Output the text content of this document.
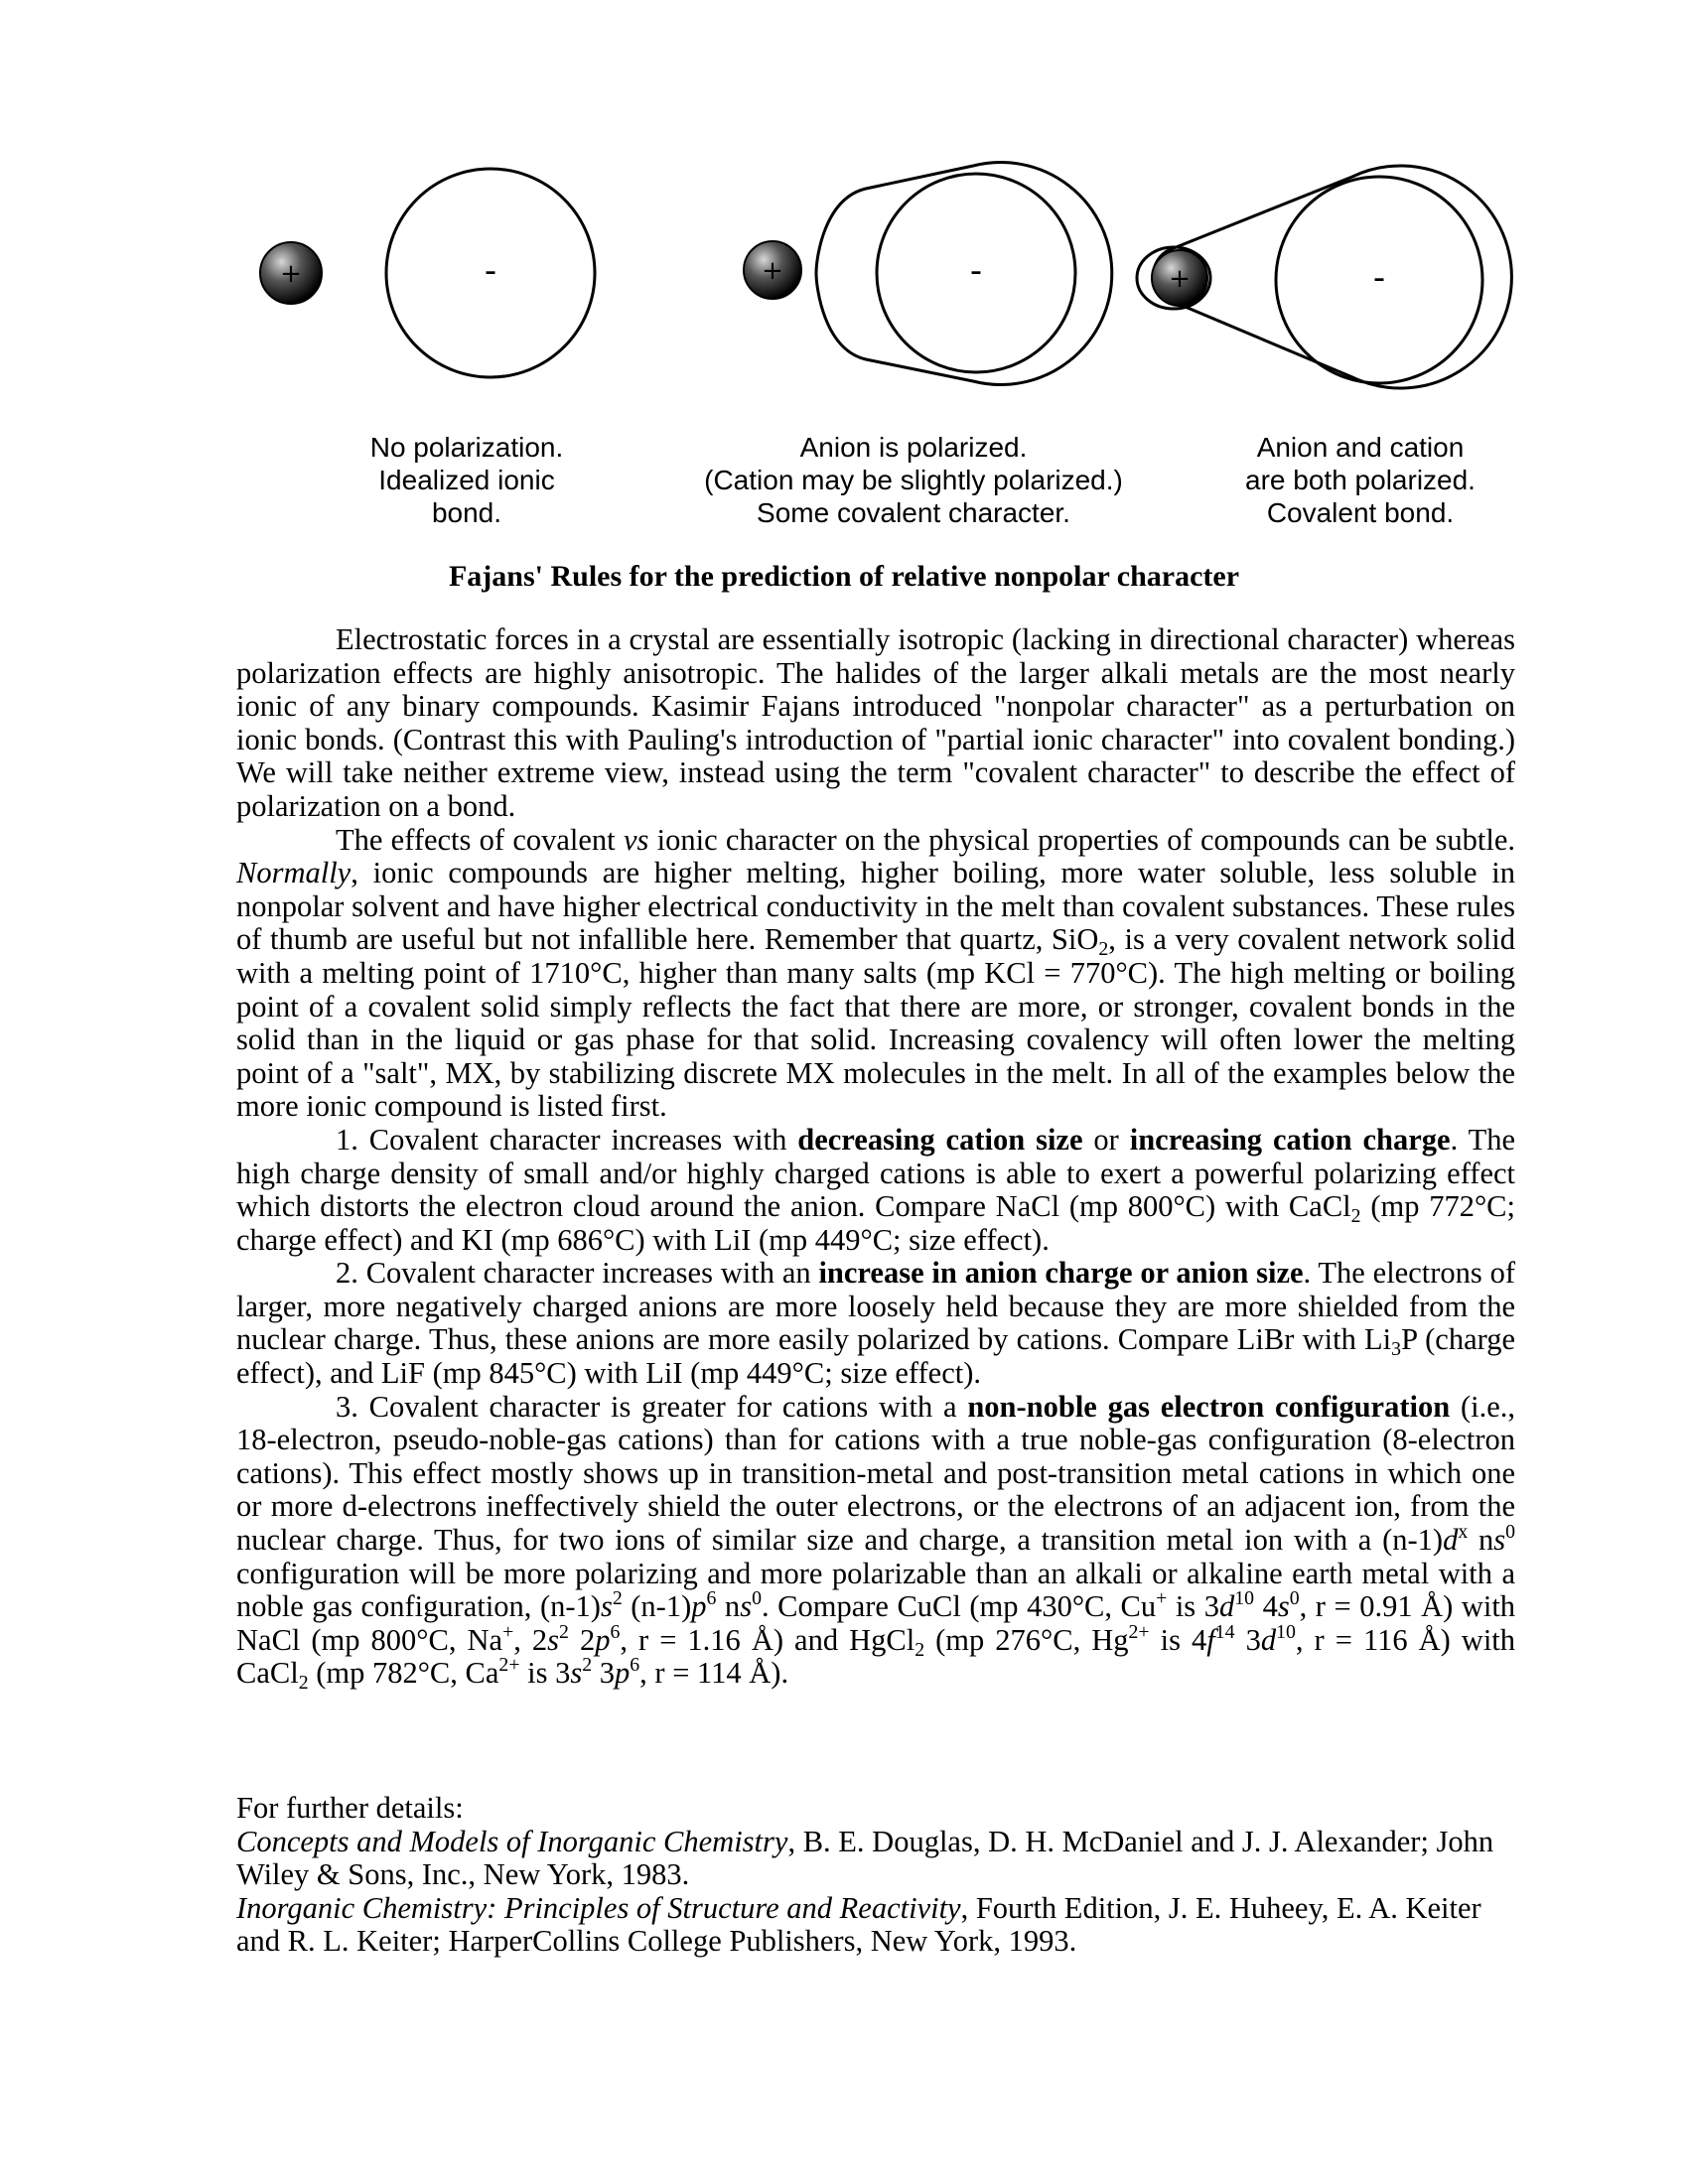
+	-	-
+	-
+
No polarization.
Idealized ionic
bond.
Anion is polarized.
(Cation may be slightly polarized.)
Some covalent character.
Anion and cation
are both polarized.
Covalent bond.
Fajans' Rules for the prediction of relative nonpolar character

Electrostatic forces in a crystal are essentially isotropic (lacking in directional character) whereas polarization effects are highly anisotropic. The halides of the larger alkali metals are the most nearly ionic of any binary compounds. Kasimir Fajans introduced "nonpolar character" as a perturbation on ionic bonds. (Contrast this with Pauling's introduction of "partial ionic character" into covalent bonding.) We will take neither extreme view, instead using the term "covalent character" to describe the effect of polarization on a bond.

The effects of covalent vs ionic character on the physical properties of compounds can be subtle. Normally, ionic compounds are higher melting, higher boiling, more water soluble, less soluble in nonpolar solvent and have higher electrical conductivity in the melt than covalent substances. These rules of thumb are useful but not infallible here. Remember that quartz, SiO$_2$, is a very covalent network solid with a melting point of 1710°C, higher than many salts (mp KCl = 770°C). The high melting or boiling point of a covalent solid simply reflects the fact that there are more, or stronger, covalent bonds in the solid than in the liquid or gas phase for that solid. Increasing covalency will often lower the melting point of a "salt", MX, by stabilizing discrete MX molecules in the melt. In all of the examples below the more ionic compound is listed first.

1. Covalent character increases with decreasing cation size or increasing cation charge. The high charge density of small and/or highly charged cations is able to exert a powerful polarizing effect which distorts the electron cloud around the anion. Compare NaCl (mp 800°C) with CaCl$_2$ (mp 772°C; charge effect) and KI (mp 686°C) with LiI (mp 449°C; size effect).

2. Covalent character increases with an increase in anion charge or anion size. The electrons of larger, more negatively charged anions are more loosely held because they are more shielded from the nuclear charge. Thus, these anions are more easily polarized by cations. Compare LiBr with $Li_3P$ (charge effect), and LiF (mp 845°C) with LiI (mp 449°C; size effect).

3. Covalent character is greater for cations with a non-noble gas electron configuration (i.e., 18-electron, pseudo-noble-gas cations) than for cations with a true noble-gas configuration (8-electron cations). This effect mostly shows up in transition-metal and post-transition metal cations in which one or more d-electrons ineffectively shield the outer electrons, or the electrons of an adjacent ion, from the nuclear charge. Thus, for two ions of similar size and charge, a transition metal ion with a $(n-1)d^x$ $ns^0$ configuration will be more polarizing and more polarizable than an alkali or alkaline earth metal with a noble gas configuration, $(n-1)s^2$ $(n-1)p^6$ $ns^0$. Compare CuCl (mp 430°C, Cu+ is $3d^{10}$ $4s^0$, r = 0.91 Å) with NaCl (mp 800°C, Na+, $2s^2$ $2p^6$, r = 1.16 Å) and HgCl$_2$ (mp 276°C, $Hg^{2+}$ is $4f^{14}$ $3d^{10}$, r = 116 Å) with CaCl$_2$ (mp 782°C, $Ca^{2+}$ is $3s^2$ $3p^6$, r = 114 Å).

For further details:

Concepts and Models of Inorganic Chemistry, B. E. Douglas, D. H. McDaniel and J. J. Alexander; John Wiley & Sons, Inc., New York, 1983.

Inorganic Chemistry: Principles of Structure and Reactivity, Fourth Edition, J. E. Huheey, E. A. Keiter and R. L. Keiter; HarperCollins College Publishers, New York, 1993.
